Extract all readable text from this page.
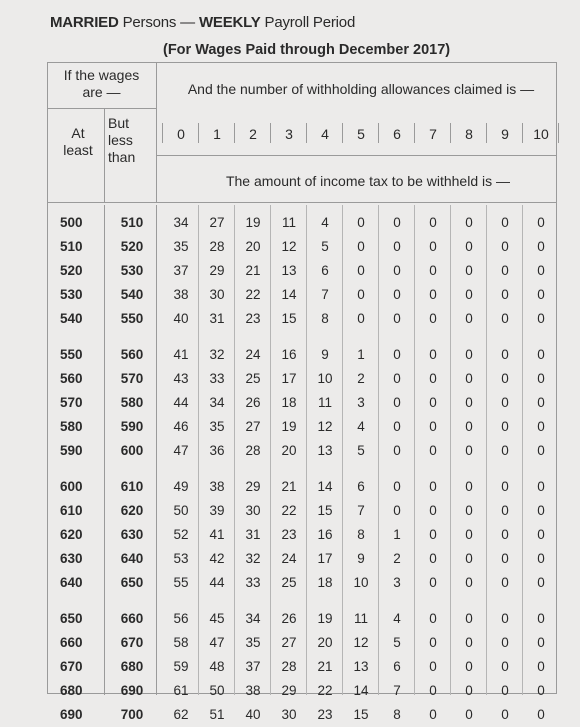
MARRIED Persons — WEEKLY Payroll Period
(For Wages Paid through December 2017)
If the wages
are —
At
least
But
less
than
And the number of withholding allowances claimed is —
0	1	2	3	4	5	6	7	8	9	10
The amount of income tax to be withheld is —
500	510	34	27	19	11	4	0	0	0	0	0	0
510	520	35	28	20	12	5	0	0	0	0	0	0
520	530	37	29	21	13	6	0	0	0	0	0	0
530	540	38	30	22	14	7	0	0	0	0	0	0
540	550	40	31	23	15	8	0	0	0	0	0	0
550	560	41	32	24	16	9	1	0	0	0	0	0
560	570	43	33	25	17	10	2	0	0	0	0	0
570	580	44	34	26	18	11	3	0	0	0	0	0
580	590	46	35	27	19	12	4	0	0	0	0	0
590	600	47	36	28	20	13	5	0	0	0	0	0
600	610	49	38	29	21	14	6	0	0	0	0	0
610	620	50	39	30	22	15	7	0	0	0	0	0
620	630	52	41	31	23	16	8	1	0	0	0	0
630	640	53	42	32	24	17	9	2	0	0	0	0
640	650	55	44	33	25	18	10	3	0	0	0	0
650	660	56	45	34	26	19	11	4	0	0	0	0
660	670	58	47	35	27	20	12	5	0	0	0	0
670	680	59	48	37	28	21	13	6	0	0	0	0
680	690	61	50	38	29	22	14	7	0	0	0	0
690	700	62	51	40	30	23	15	8	0	0	0	0
